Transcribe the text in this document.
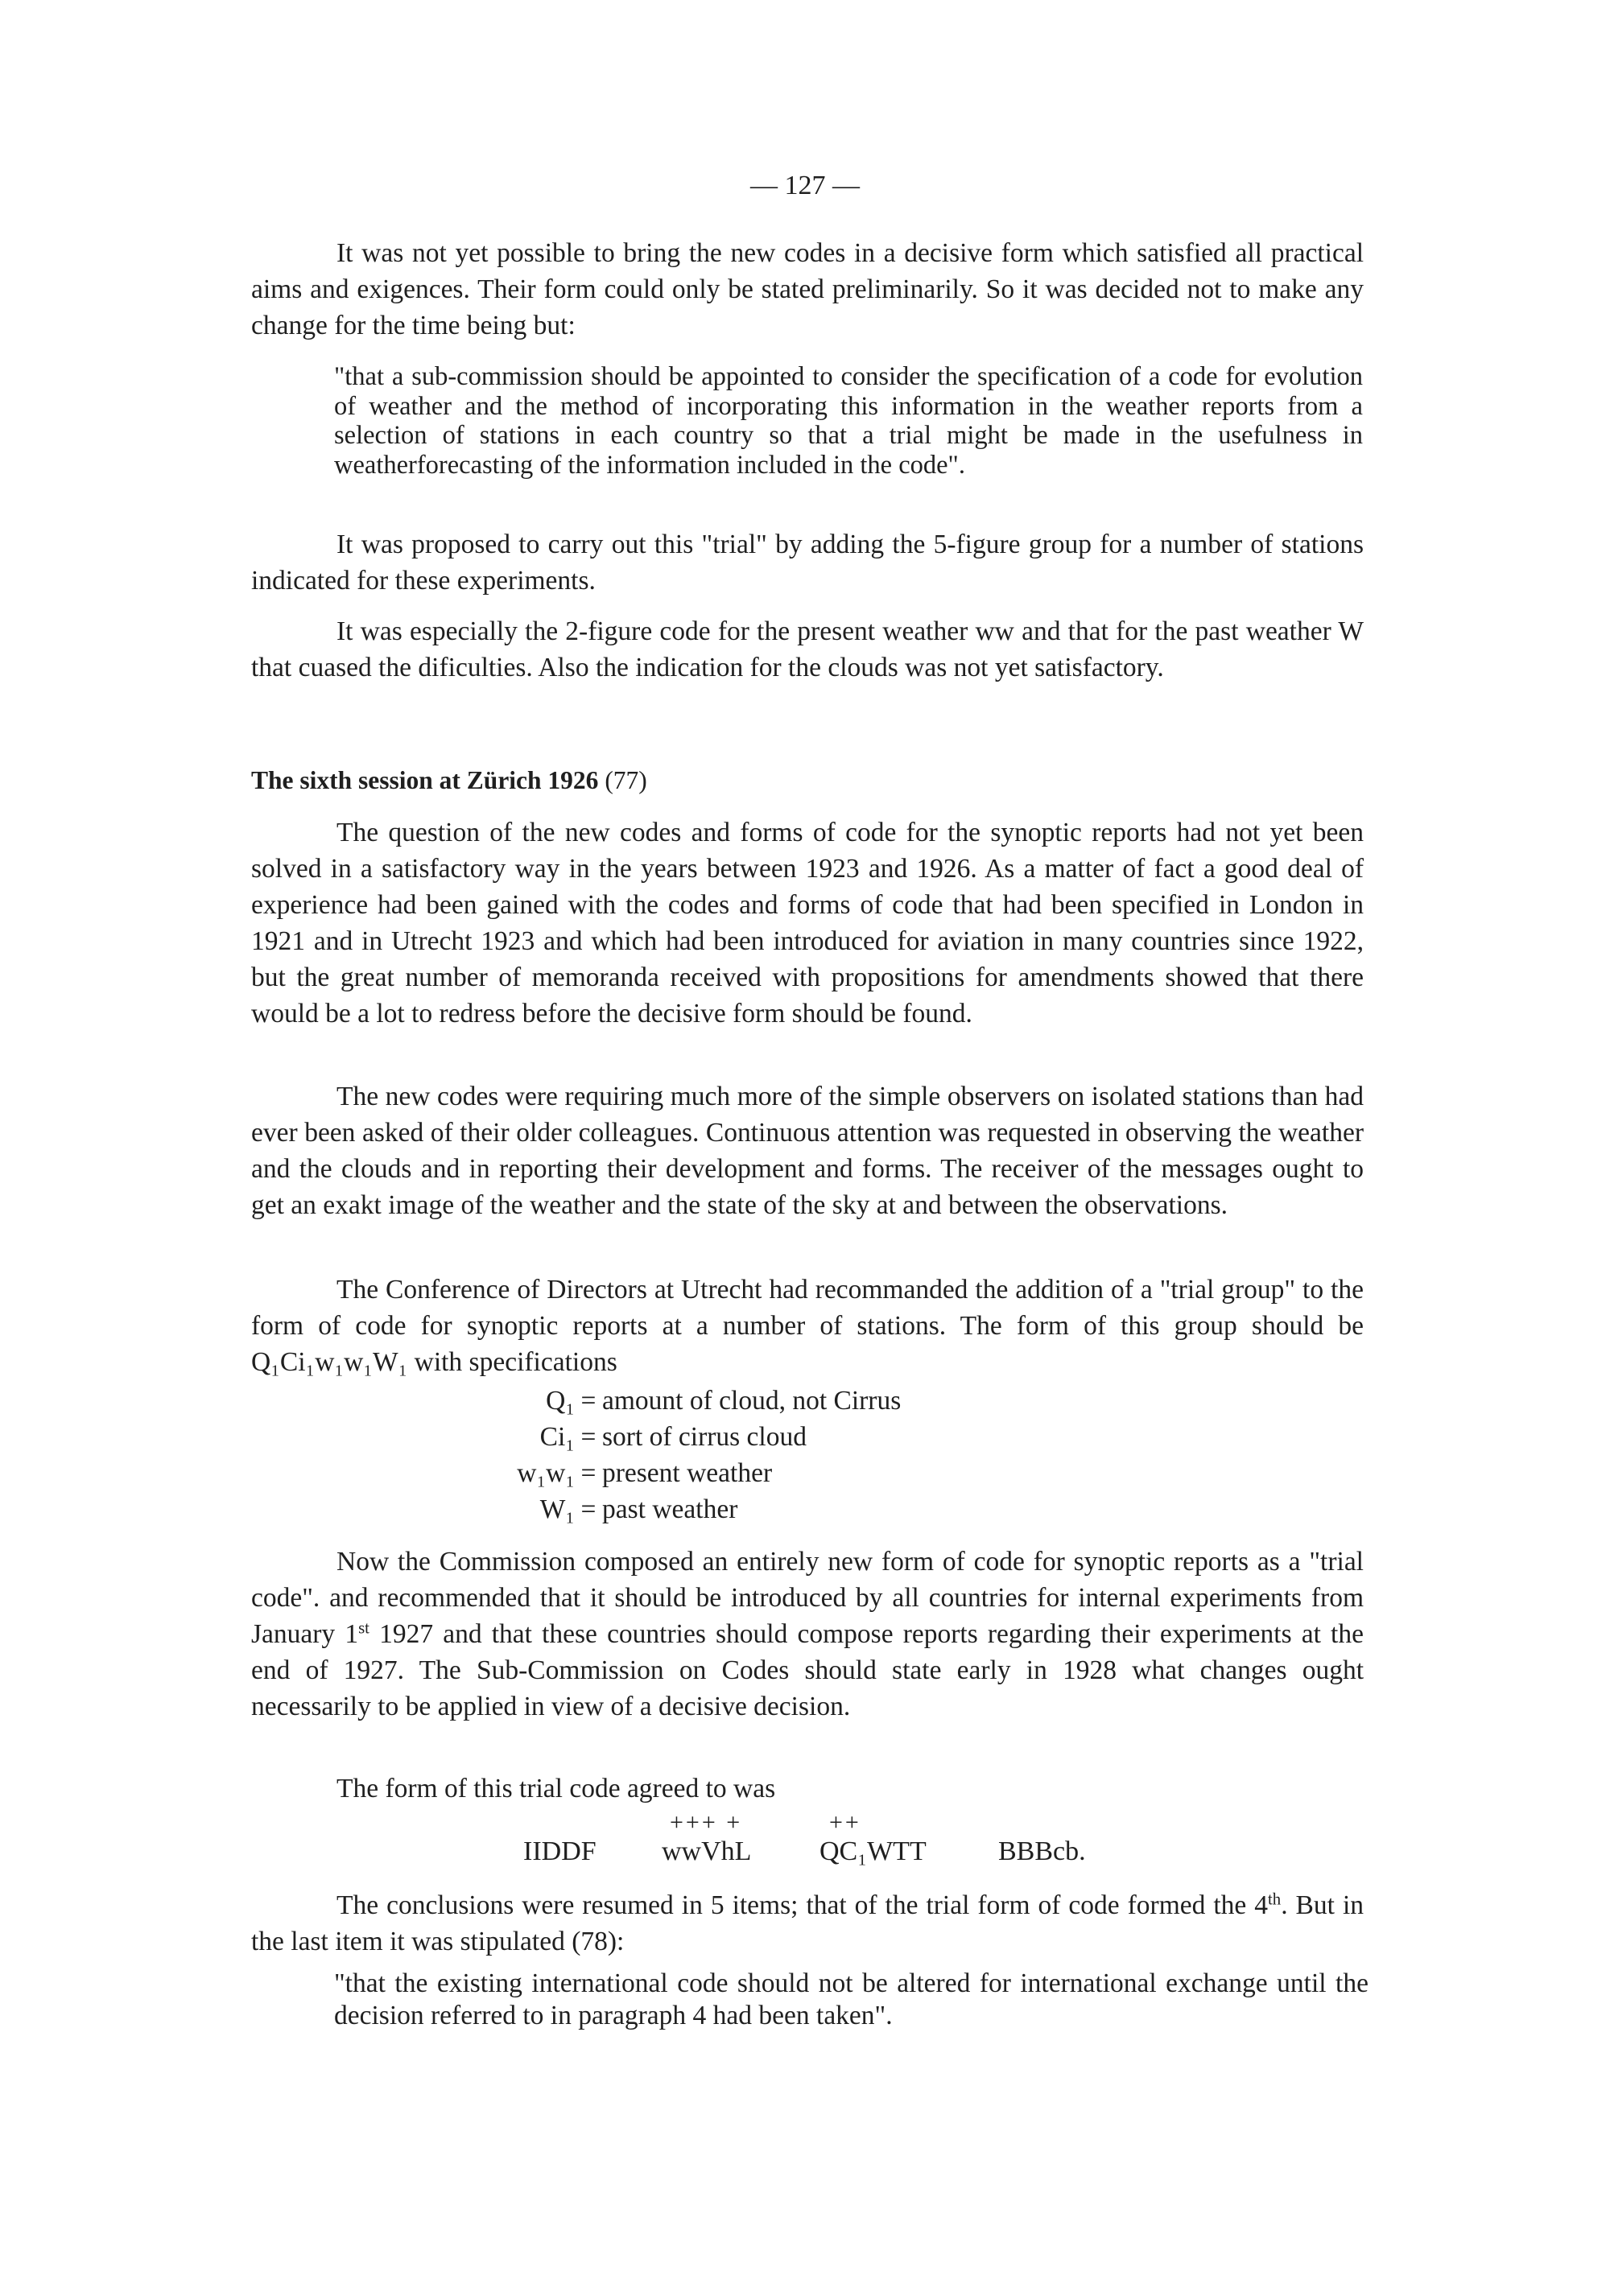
— 127 —

It was not yet possible to bring the new codes in a decisive form which satisfied all practical aims and exigences. Their form could only be stated preliminarily. So it was decided not to make any change for the time being but:

"that a sub-commission should be appointed to consider the specification of a code for evolution of weather and the method of incorporating this information in the weather reports from a selection of stations in each country so that a trial might be made in the usefulness in weatherforecasting of the information included in the code".

It was proposed to carry out this "trial" by adding the 5-figure group for a number of stations indicated for these experiments.

It was especially the 2-figure code for the present weather ww and that for the past weather W that cuased the dificulties. Also the indication for the clouds was not yet satisfactory.

The sixth session at Zürich 1926 (77)

The question of the new codes and forms of code for the synoptic reports had not yet been solved in a satisfactory way in the years between 1923 and 1926. As a matter of fact a good deal of experience had been gained with the codes and forms of code that had been specified in London in 1921 and in Utrecht 1923 and which had been introduced for aviation in many countries since 1922, but the great number of memoranda received with propositions for amendments showed that there would be a lot to redress before the decisive form should be found.

The new codes were requiring much more of the simple observers on isolated stations than had ever been asked of their older colleagues. Continuous attention was requested in observing the weather and the clouds and in reporting their development and forms. The receiver of the messages ought to get an exakt image of the weather and the state of the sky at and between the observations.

The Conference of Directors at Utrecht had recommanded the addition of a "trial group" to the form of code for synoptic reports at a number of stations. The form of this group should be Q₁Ci₁w₁w₁W₁ with specifications

Q₁ = amount of cloud, not Cirrus
Ci₁ = sort of cirrus cloud
w₁w₁ = present weather
W₁ = past weather

Now the Commission composed an entirely new form of code for synoptic reports as a "trial code". and recommended that it should be introduced by all countries for internal experiments from January 1st 1927 and that these countries should compose reports regarding their experiments at the end of 1927. The Sub-Commission on Codes should state early in 1928 what changes ought necessarily to be applied in view of a decisive decision.

The form of this trial code agreed to was

+++ +	++
IIDDF wwVhL QC₁WTT	BBBcb.

The conclusions were resumed in 5 items; that of the trial form of code formed the 4th. But in the last item it was stipulated (78):

"that the existing international code should not be altered for international exchange until the decision referred to in paragraph 4 had been taken".
